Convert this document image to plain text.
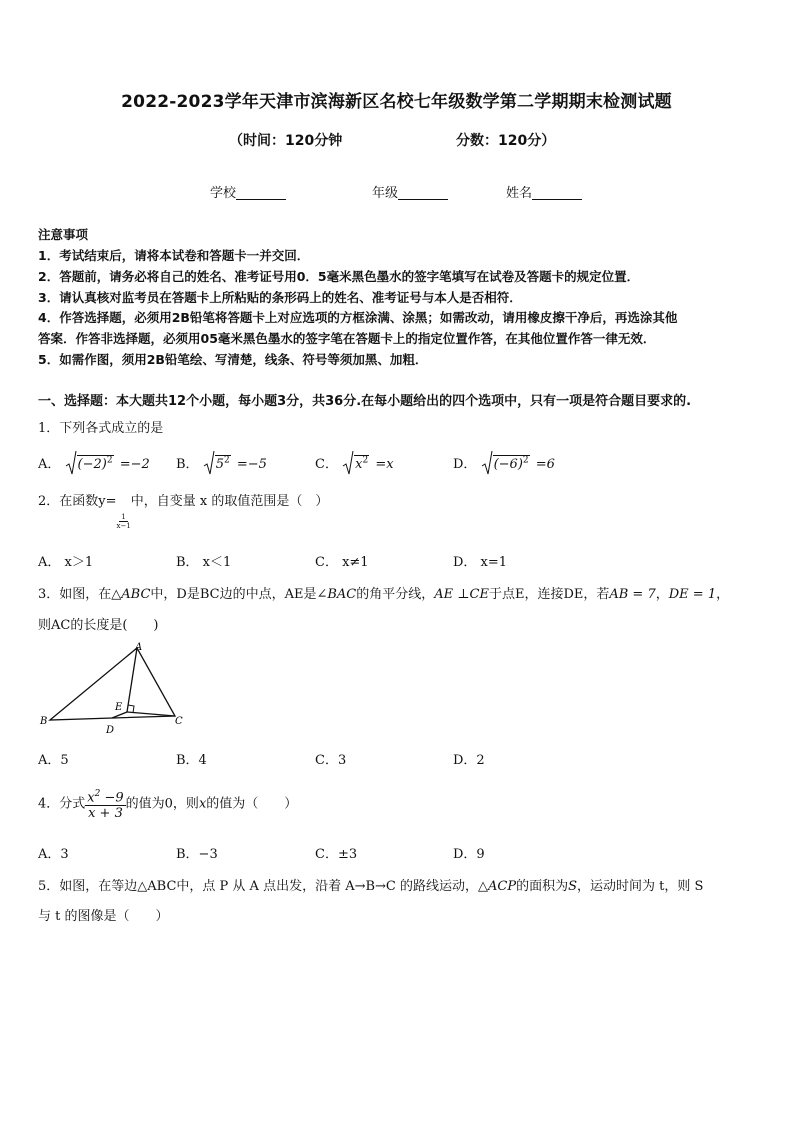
2022-2023学年天津市滨海新区名校七年级数学第二学期期末检测试题
（时间：120分钟	分数：120分）
学校	年级	姓名
注意事项
1．考试结束后，请将本试卷和答题卡一并交回．
2．答题前，请务必将自己的姓名、准考证号用0．5毫米黑色墨水的签字笔填写在试卷及答题卡的规定位置．
3．请认真核对监考员在答题卡上所粘贴的条形码上的姓名、准考证号与本人是否相符．
4．作答选择题，必须用2B铅笔将答题卡上对应选项的方框涂满、涂黑；如需改动，请用橡皮擦干净后，再选涂其他
答案．作答非选择题，必须用05毫米黑色墨水的签字笔在答题卡上的指定位置作答，在其他位置作答一律无效．
5．如需作图，须用2B铅笔绘、写清楚，线条、符号等须加黑、加粗．
一、选择题：本大题共12个小题，每小题3分，共36分.在每小题给出的四个选项中，只有一项是符合题目要求的.
1．下列各式成立的是
A． $(-2)^2 =-2$ B． $5^2 =-5$	C． $x^2 =x$	D． $(-6)^2 =6$
2．在函数y=
$\frac{1}{x-1}$
中，自变量 x 的取值范围是（　）
A． x＞1	B． x＜1	C． x≠1	D． x=1
3．如图，在△ABC中，D是BC边的中点，AE是∠BAC的角平分线，AE ⊥CE于点E，连接DE，若AB = 7，DE = 1，
则AC的长度是(　　)
A
B	C
D
E
A．5	B．4	C．3	D．2
4．分式 $\frac{x^2 -9}{x + 3}$ 的值为0，则x的值为（　　）
A．3	B．−3	C．±3	D．9
5．如图，在等边△ABC中，点 P 从 A 点出发，沿着 A→B→C 的路线运动，△ACP的面积为S，运动时间为 t，则 S
与 t 的图像是（　　）
